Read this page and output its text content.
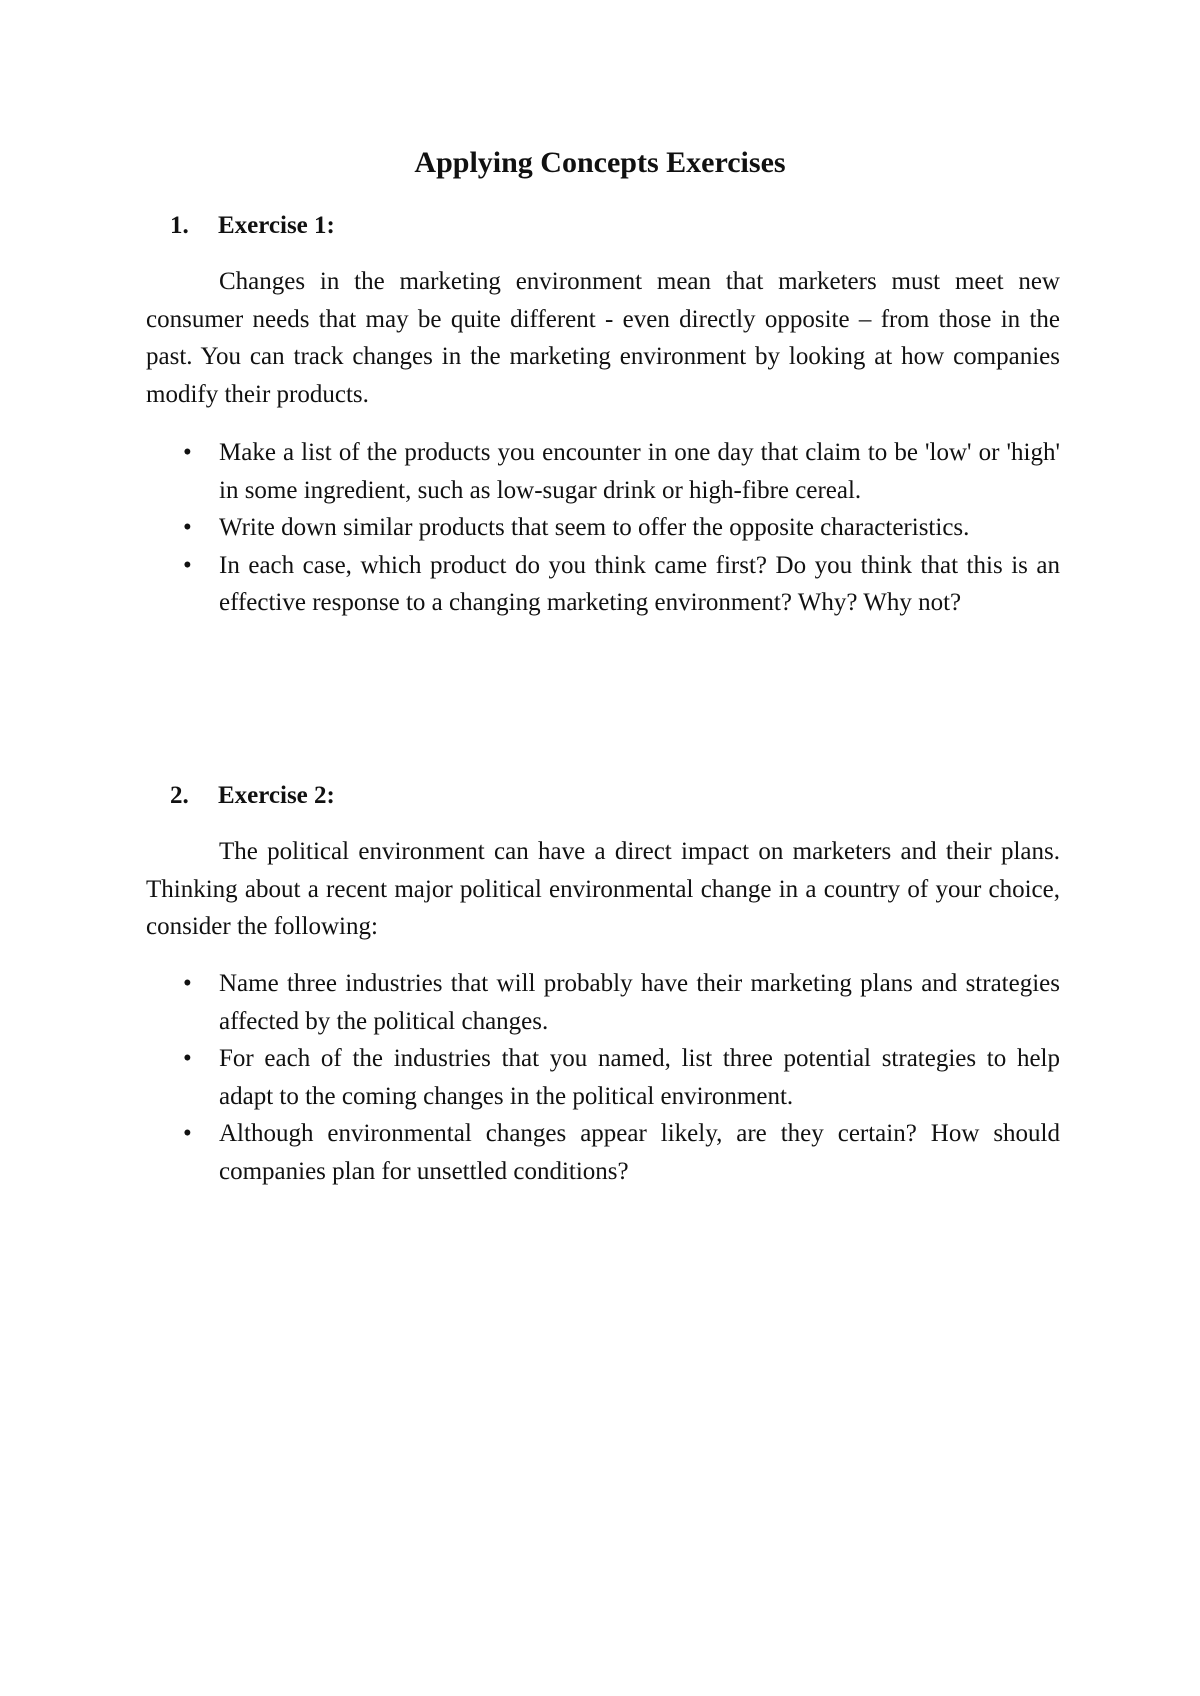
Applying Concepts Exercises
1. Exercise 1:

Changes in the marketing environment mean that marketers must meet new consumer needs that may be quite different - even directly opposite – from those in the past. You can track changes in the marketing environment by looking at how companies modify their products.

• Make a list of the products you encounter in one day that claim to be 'low' or 'high' in some ingredient, such as low-sugar drink or high-fibre cereal.
• Write down similar products that seem to offer the opposite characteristics.
• In each case, which product do you think came first? Do you think that this is an effective response to a changing marketing environment? Why? Why not?
2. Exercise 2:

The political environment can have a direct impact on marketers and their plans. Thinking about a recent major political environmental change in a country of your choice, consider the following:

• Name three industries that will probably have their marketing plans and strategies affected by the political changes.
• For each of the industries that you named, list three potential strategies to help adapt to the coming changes in the political environment.
• Although environmental changes appear likely, are they certain? How should companies plan for unsettled conditions?
